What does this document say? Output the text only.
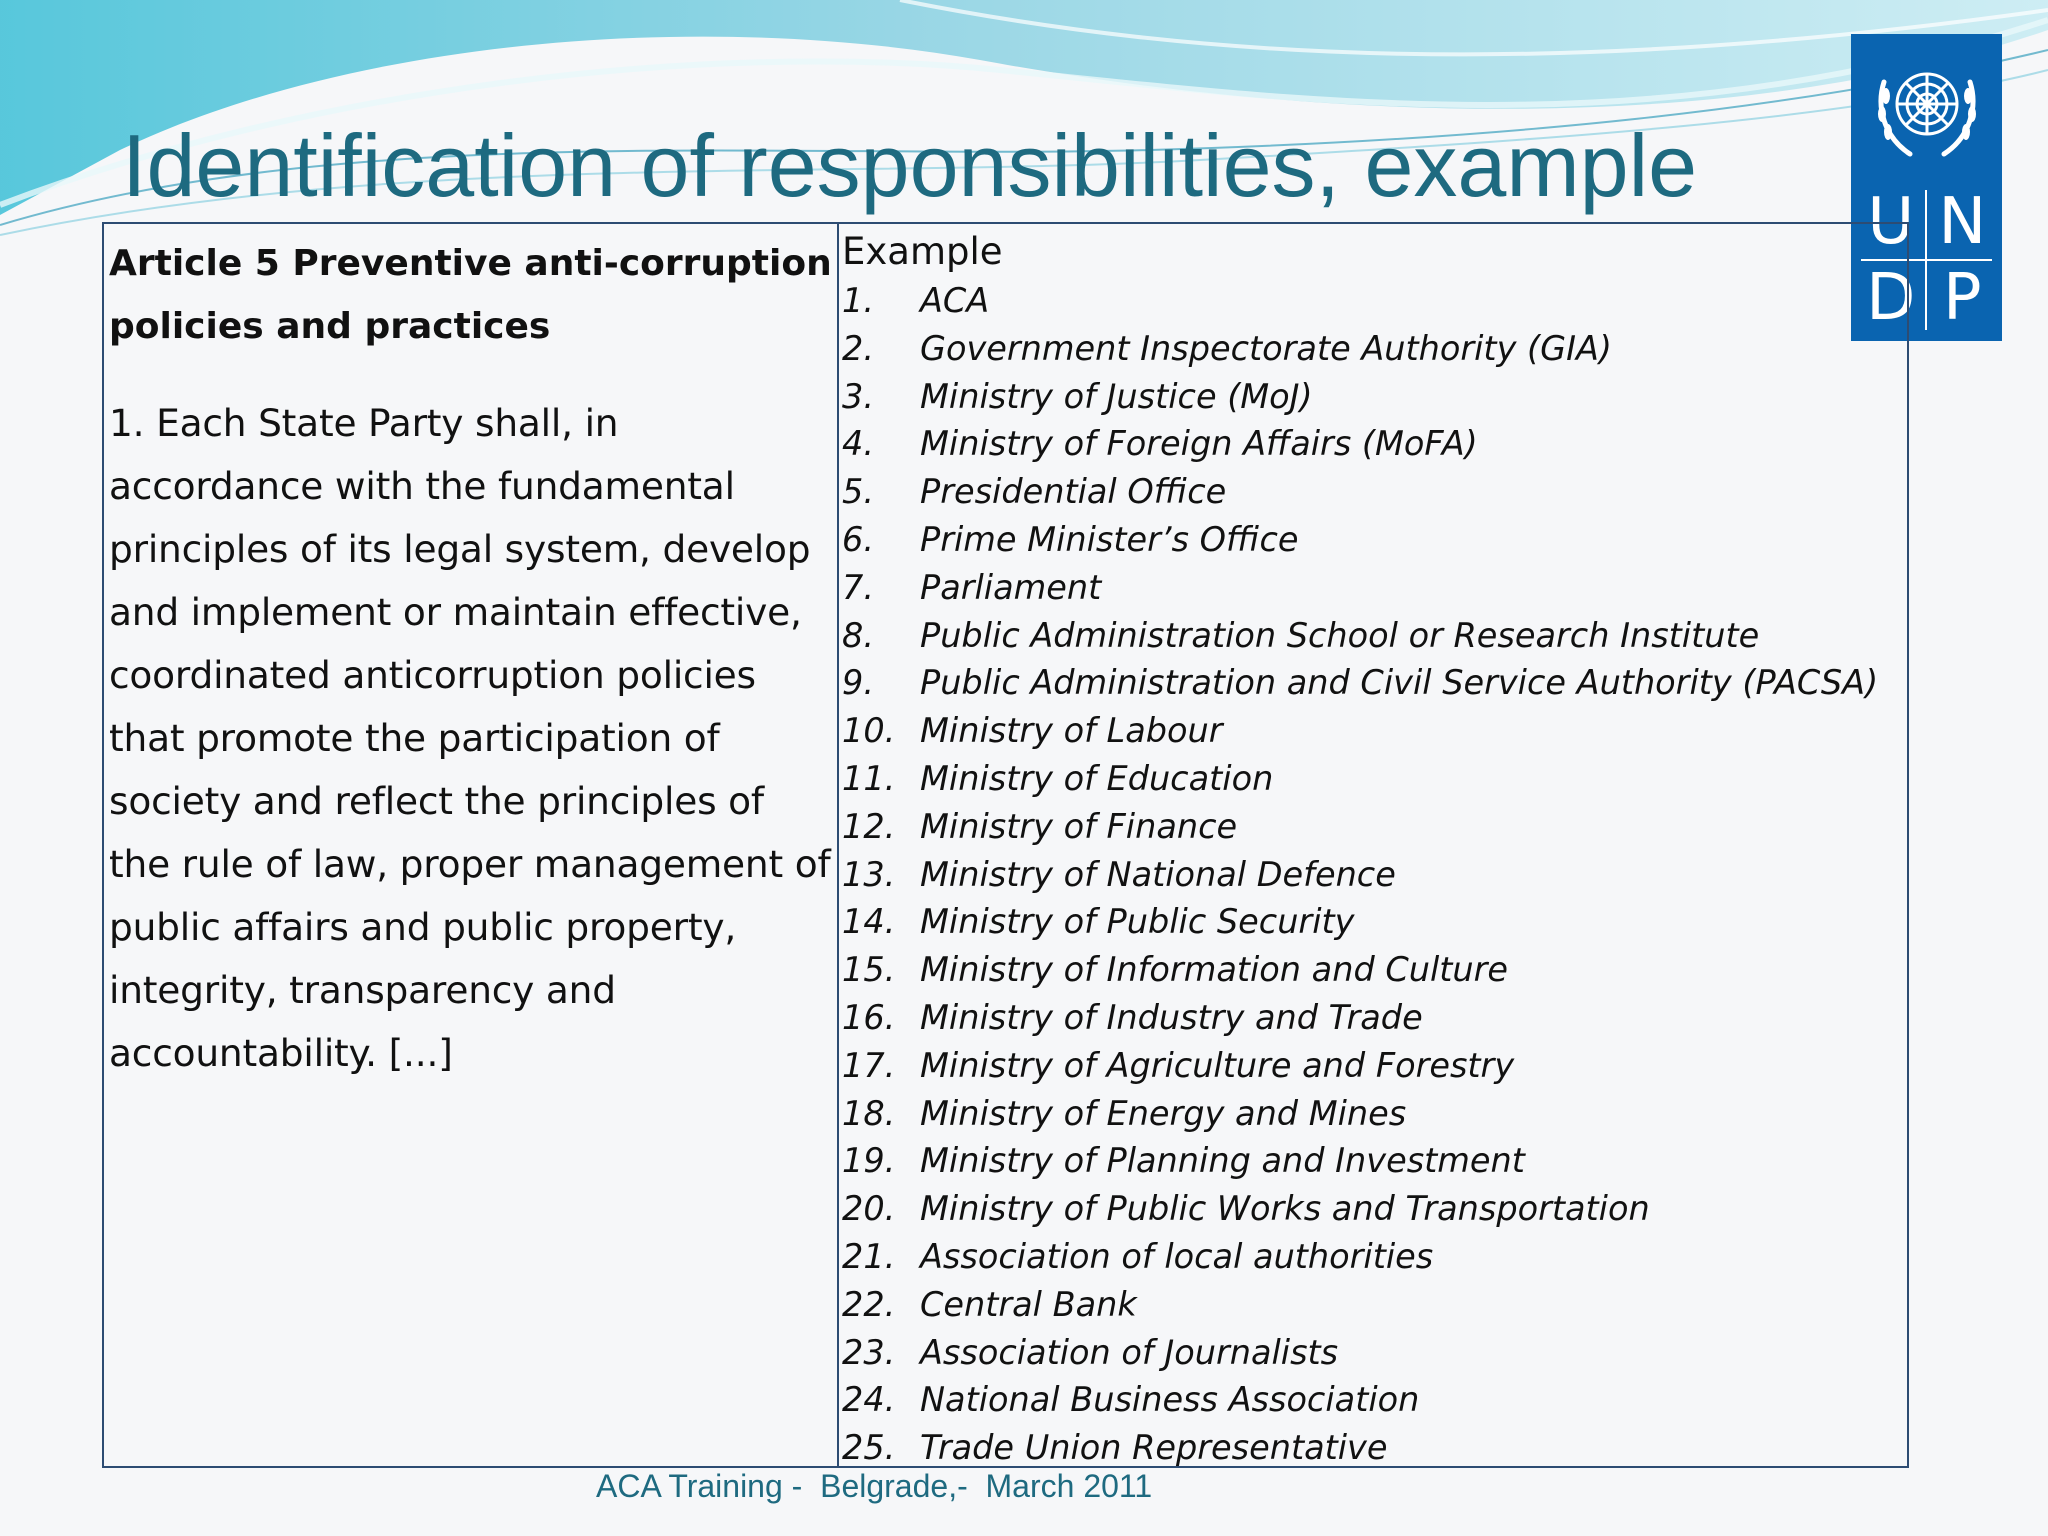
Identification of responsibilities, example
U N
D P

Article 5 Preventive anti-corruption policies and practices

1. Each State Party shall, in accordance with the fundamental principles of its legal system, develop and implement or maintain effective, coordinated anticorruption policies that promote the participation of society and reflect the principles of the rule of law, proper management of public affairs and public property, integrity, transparency and accountability. [...]

Example

1.	ACA
2.	Government Inspectorate Authority (GIA)
3.	Ministry of Justice (MoJ)
4.	Ministry of Foreign Affairs (MoFA)
5.	Presidential Office
6.	Prime Minister’s Office
7.	Parliament
8.	Public Administration School or Research Institute
9.	Public Administration and Civil Service Authority (PACSA)
10. Ministry of Labour
11. Ministry of Education
12. Ministry of Finance
13. Ministry of National Defence
14. Ministry of Public Security
15. Ministry of Information and Culture
16. Ministry of Industry and Trade
17. Ministry of Agriculture and Forestry
18. Ministry of Energy and Mines
19. Ministry of Planning and Investment
20. Ministry of Public Works and Transportation
21. Association of local authorities
22. Central Bank
23. Association of Journalists
24. National Business Association
25. Trade Union Representative

ACA Training -  Belgrade,-  March 2011
